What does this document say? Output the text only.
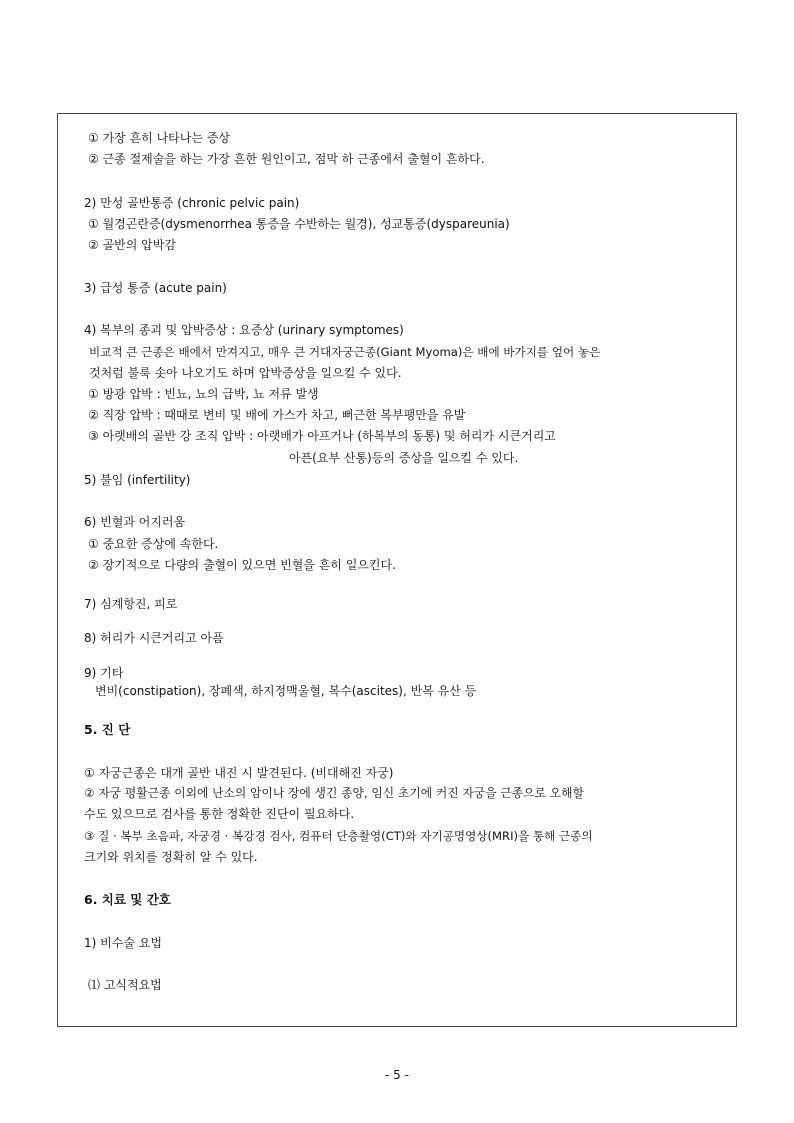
① 가장 흔히 나타나는 증상
② 근종 절제술을 하는 가장 흔한 원인이고, 점막 하 근종에서 출혈이 흔하다.
2) 만성 골반통증 (chronic pelvic pain)
① 월경곤란증(dysmenorrhea 통증을 수반하는 월경), 성교통증(dyspareunia)
② 골반의 압박감
3) 급성 통증 (acute pain)
4) 복부의 종괴 및 압박증상 : 요증상 (urinary symptomes)
비교적 큰 근종은 배에서 만져지고, 매우 큰 거대자궁근종(Giant Myoma)은 배에 바가지를 엎어 놓은
것처럼 불룩 솟아 나오기도 하며 압박증상을 일으킬 수 있다.
① 방광 압박 : 빈뇨, 뇨의 급박, 뇨 저류 발생
② 직장 압박 : 때때로 변비 및 배에 가스가 차고, 뻐근한 복부팽만을 유발
③ 아랫배의 골반 강 조직 압박 : 아랫배가 아프거나 (하복부의 동통) 및 허리가 시큰거리고
아픈(요부 산통)등의 증상을 일으킬 수 있다.
5) 불임 (infertility)
6) 빈혈과 어지러움
① 중요한 증상에 속한다.
② 장기적으로 다량의 출혈이 있으면 빈혈을 흔히 일으킨다.
7) 심계항진, 피로
8) 허리가 시큰거리고 아픔
9) 기타
변비(constipation), 장폐색, 하지정맥울혈, 복수(ascites), 반복 유산 등
5. 진 단
① 자궁근종은 대개 골반 내진 시 발견된다. (비대해진 자궁)
② 자궁 평활근종 이외에 난소의 암이나 장에 생긴 종양, 임신 초기에 커진 자궁을 근종으로 오해할
수도 있으므로 검사를 통한 정확한 진단이 필요하다.
③ 질 · 복부 초음파, 자궁경 · 복강경 검사, 컴퓨터 단층촬영(CT)와 자기공명영상(MRI)을 통해 근종의
크기와 위치를 정확히 알 수 있다.
6. 치료 및 간호
1) 비수술 요법
⑴ 고식적요법
- 5 -
